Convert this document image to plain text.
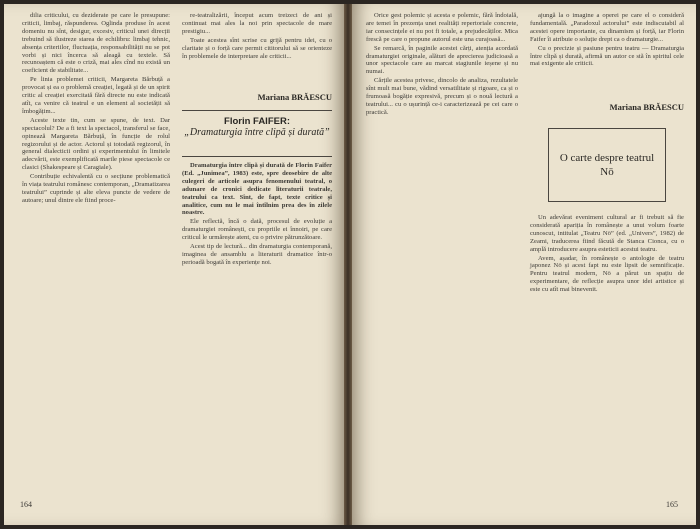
dilia criticului, cu deziderate pe care le presupune: criticii, limbaj, răspunderea. Oglinda produse în acest domeniu nu sînt, desigur, excesiv, criticul unei direcții trebuind să ilustreze starea de echilibru: limbaj tehnic, absența criteriilor, fluctuația, responsabilității nu se pot vorbi și nici încerca să aleagă cu textele. Să recunoaștem că este o criză, mai ales cînd nu există un coeficient de stabilitate...

Pe linia problemei criticii, Margareta Bărbuță a provocat și ea o problemă creației, legată și de un spirit critic al creației exercitată fără directe nu este indicată atît, ca venire că teatrul e un element al societății să îmbogățim...

Aceste texte tin, cum se spune, de text. Dar spectacolul? De a fi text la spectacol, transferul se face, opinează Margareta Bărbuță, în funcție de rolul regizorului și de actor. Actorul și totodată regizorul, în general dialecticii ordini și experimentului în limitele adecvării, este exemplificată marile piese spectacole ce clasici (Shakespeare și Caragiale).

Contribuție echivalentă cu o secțiune problematică în viața teatrului românesc contemporan, „Dramatizarea teatrului” cuprinde și alte eleva puncte de vedere de autoare; unul dintre ele fiind proce-

re-teatralizării, început acum treizeci de ani și continuat mai ales la noi prin spectacole de mare prestigiu...

Toate acestea sînt scrise cu grijă pentru idei, cu o claritate și o forță care permit cititorului să se orienteze în problemele de interpretare ale criticii...

Mariana BRĂESCU
Florin FAIFER:
„Dramaturgia între clipă și durată”

Dramaturgia între clipă și durată de Florin Faifer (Ed. „Junimea”, 1983) este, spre deosebire de alte culegeri de articole asupra fenomenului teatral, o adunare de cronici dedicate literaturii teatrale, teatrului ca text. Sînt, de fapt, texte critice și analitice, cum nu le mai întîlnim prea des în zilele noastre.

Ele reflectă, încă o dată, procesul de evoluție a dramaturgiei românești, cu propriile ei înnoiri, pe care criticul le urmărește atent, cu o privire pătrunzătoare.

Acest tip de lectură... din dramaturgia contemporană, imaginea de ansamblu a literaturii dramatice într-o perioadă bogată în experiențe noi.

164

Orice gest polemic și acesta e polemic, fără îndoială, are temei în prezența unei realități repertoriale concrete, iar consecințele ei nu pot fi totale, a prejudecăților. Mica frescă pe care o propune autorul este una curajoasă...

Se remarcă, în paginile acestei cărți, atenția acordată dramaturgiei originale, alături de aprecierea judicioasă a unor spectacole care au marcat stagiunile ieșene și nu numai.

Cărțile acestea privesc, dincolo de analiza, rezultatele sînt mult mai bune, vădind versatilitate și rigoare, ca și o frumoasă bogăție expresivă, precum și o nouă lectură a teatrului... cu o ușurință ce-i caracterizează pe cei care o practică.

ajungă la o imagine a operei pe care el o consideră fundamentală. „Paradoxul actorului” este indiscutabil al acestei opere importante, cu dinamism și forță, iar Florin Faifer îi atribuie o soluție drept ca o dramaturgie...

Cu o precizie și pasiune pentru teatru — Dramaturgia între clipă și durată, afirmă un autor ce stă în spiritul cele mai exigente ale criticii.

Mariana BRĂESCU
O carte despre teatrul Nō

Un adevărat eveniment cultural ar fi trebuit să fie considerată apariția în românește a unui volum foarte cunoscut, intitulat „Teatru Nō” (ed. „Univers”, 1982) de Zeami, traducerea fiind făcută de Stanca Cionca, cu o amplă introducere asupra esteticii acestui teatru.

Avem, așadar, în românește o antologie de teatru japonez Nō și acest fapt nu este lipsit de semnificație. Pentru teatrul modern, Nō a părut un spațiu de experimentare, de reflecție asupra unor idei artistice și este cu atît mai binevenit.

165
